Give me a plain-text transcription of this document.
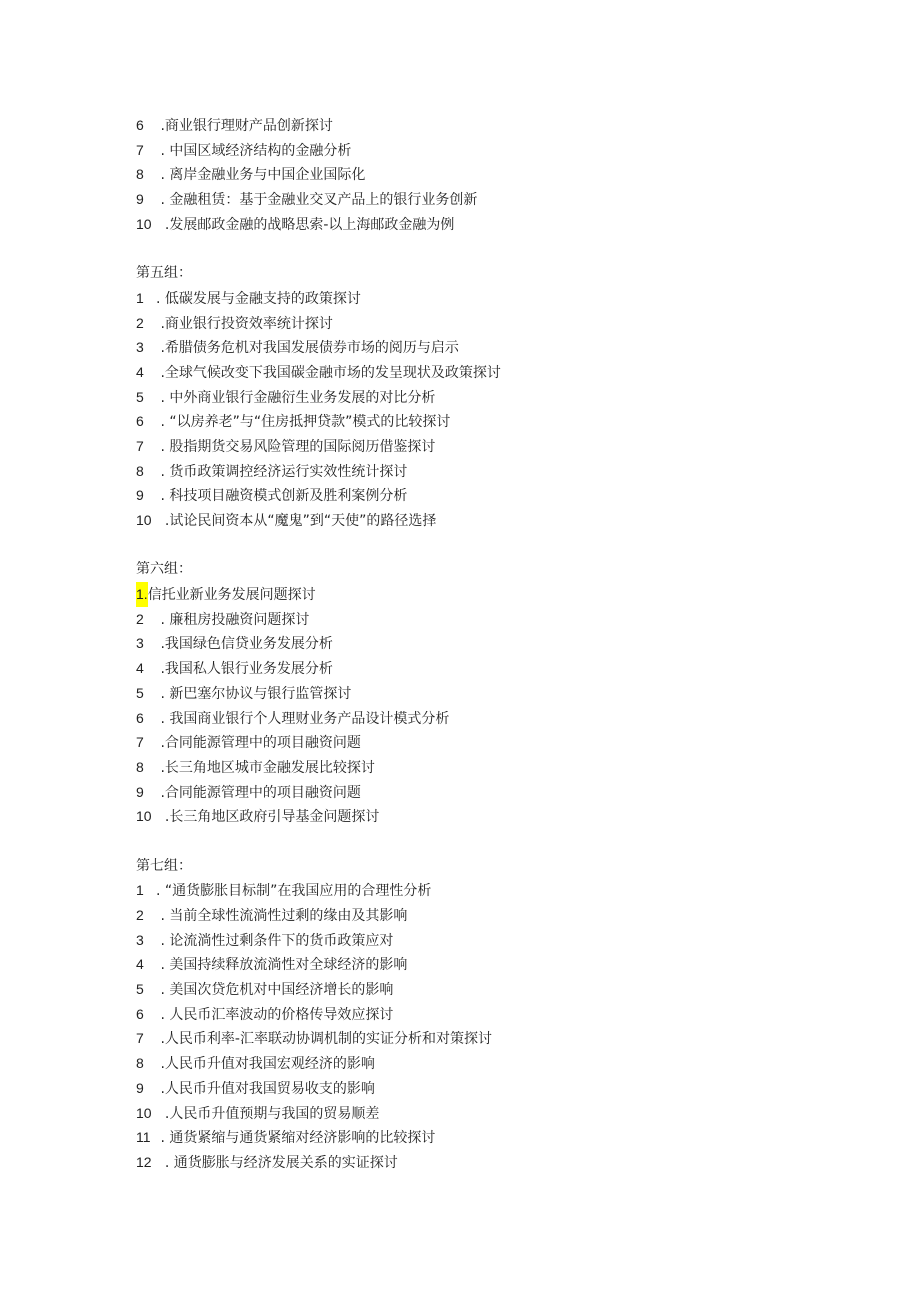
6 .商业银行理财产品创新探讨
7 . 中国区域经济结构的金融分析
8 . 离岸金融业务与中国企业国际化
9 . 金融租赁：基于金融业交叉产品上的银行业务创新
10  .发展邮政金融的战略思索-以上海邮政金融为例
第五组：
1 . 低碳发展与金融支持的政策探讨
2 .商业银行投资效率统计探讨
3 .希腊债务危机对我国发展债券市场的阅历与启示
4 .全球气候改变下我国碳金融市场的发呈现状及政策探讨
5 . 中外商业银行金融衍生业务发展的对比分析
6 . “以房养老”与“住房抵押贷款”模式的比较探讨
7 . 股指期货交易风险管理的国际阅历借鉴探讨
8 . 货币政策调控经济运行实效性统计探讨
9 . 科技项目融资模式创新及胜利案例分析
10  .试论民间资本从“魔鬼”到“天使”的路径选择
第六组：
1.信托业新业务发展问题探讨
2 . 廉租房投融资问题探讨
3 .我国绿色信贷业务发展分析
4 .我国私人银行业务发展分析
5 . 新巴塞尔协议与银行监管探讨
6 . 我国商业银行个人理财业务产品设计模式分析
7 .合同能源管理中的项目融资问题
8 .长三角地区城市金融发展比较探讨
9 .合同能源管理中的项目融资问题
10  .长三角地区政府引导基金问题探讨
第七组：
1 . “通货膨胀目标制”在我国应用的合理性分析
2 . 当前全球性流淌性过剩的缘由及其影响
3 . 论流淌性过剩条件下的货币政策应对
4 . 美国持续释放流淌性对全球经济的影响
5 . 美国次贷危机对中国经济增长的影响
6 . 人民币汇率波动的价格传导效应探讨
7 .人民币利率-汇率联动协调机制的实证分析和对策探讨
8 .人民币升值对我国宏观经济的影响
9 .人民币升值对我国贸易收支的影响
10  .人民币升值预期与我国的贸易顺差
11 . 通货紧缩与通货紧缩对经济影响的比较探讨
12  . 通货膨胀与经济发展关系的实证探讨
